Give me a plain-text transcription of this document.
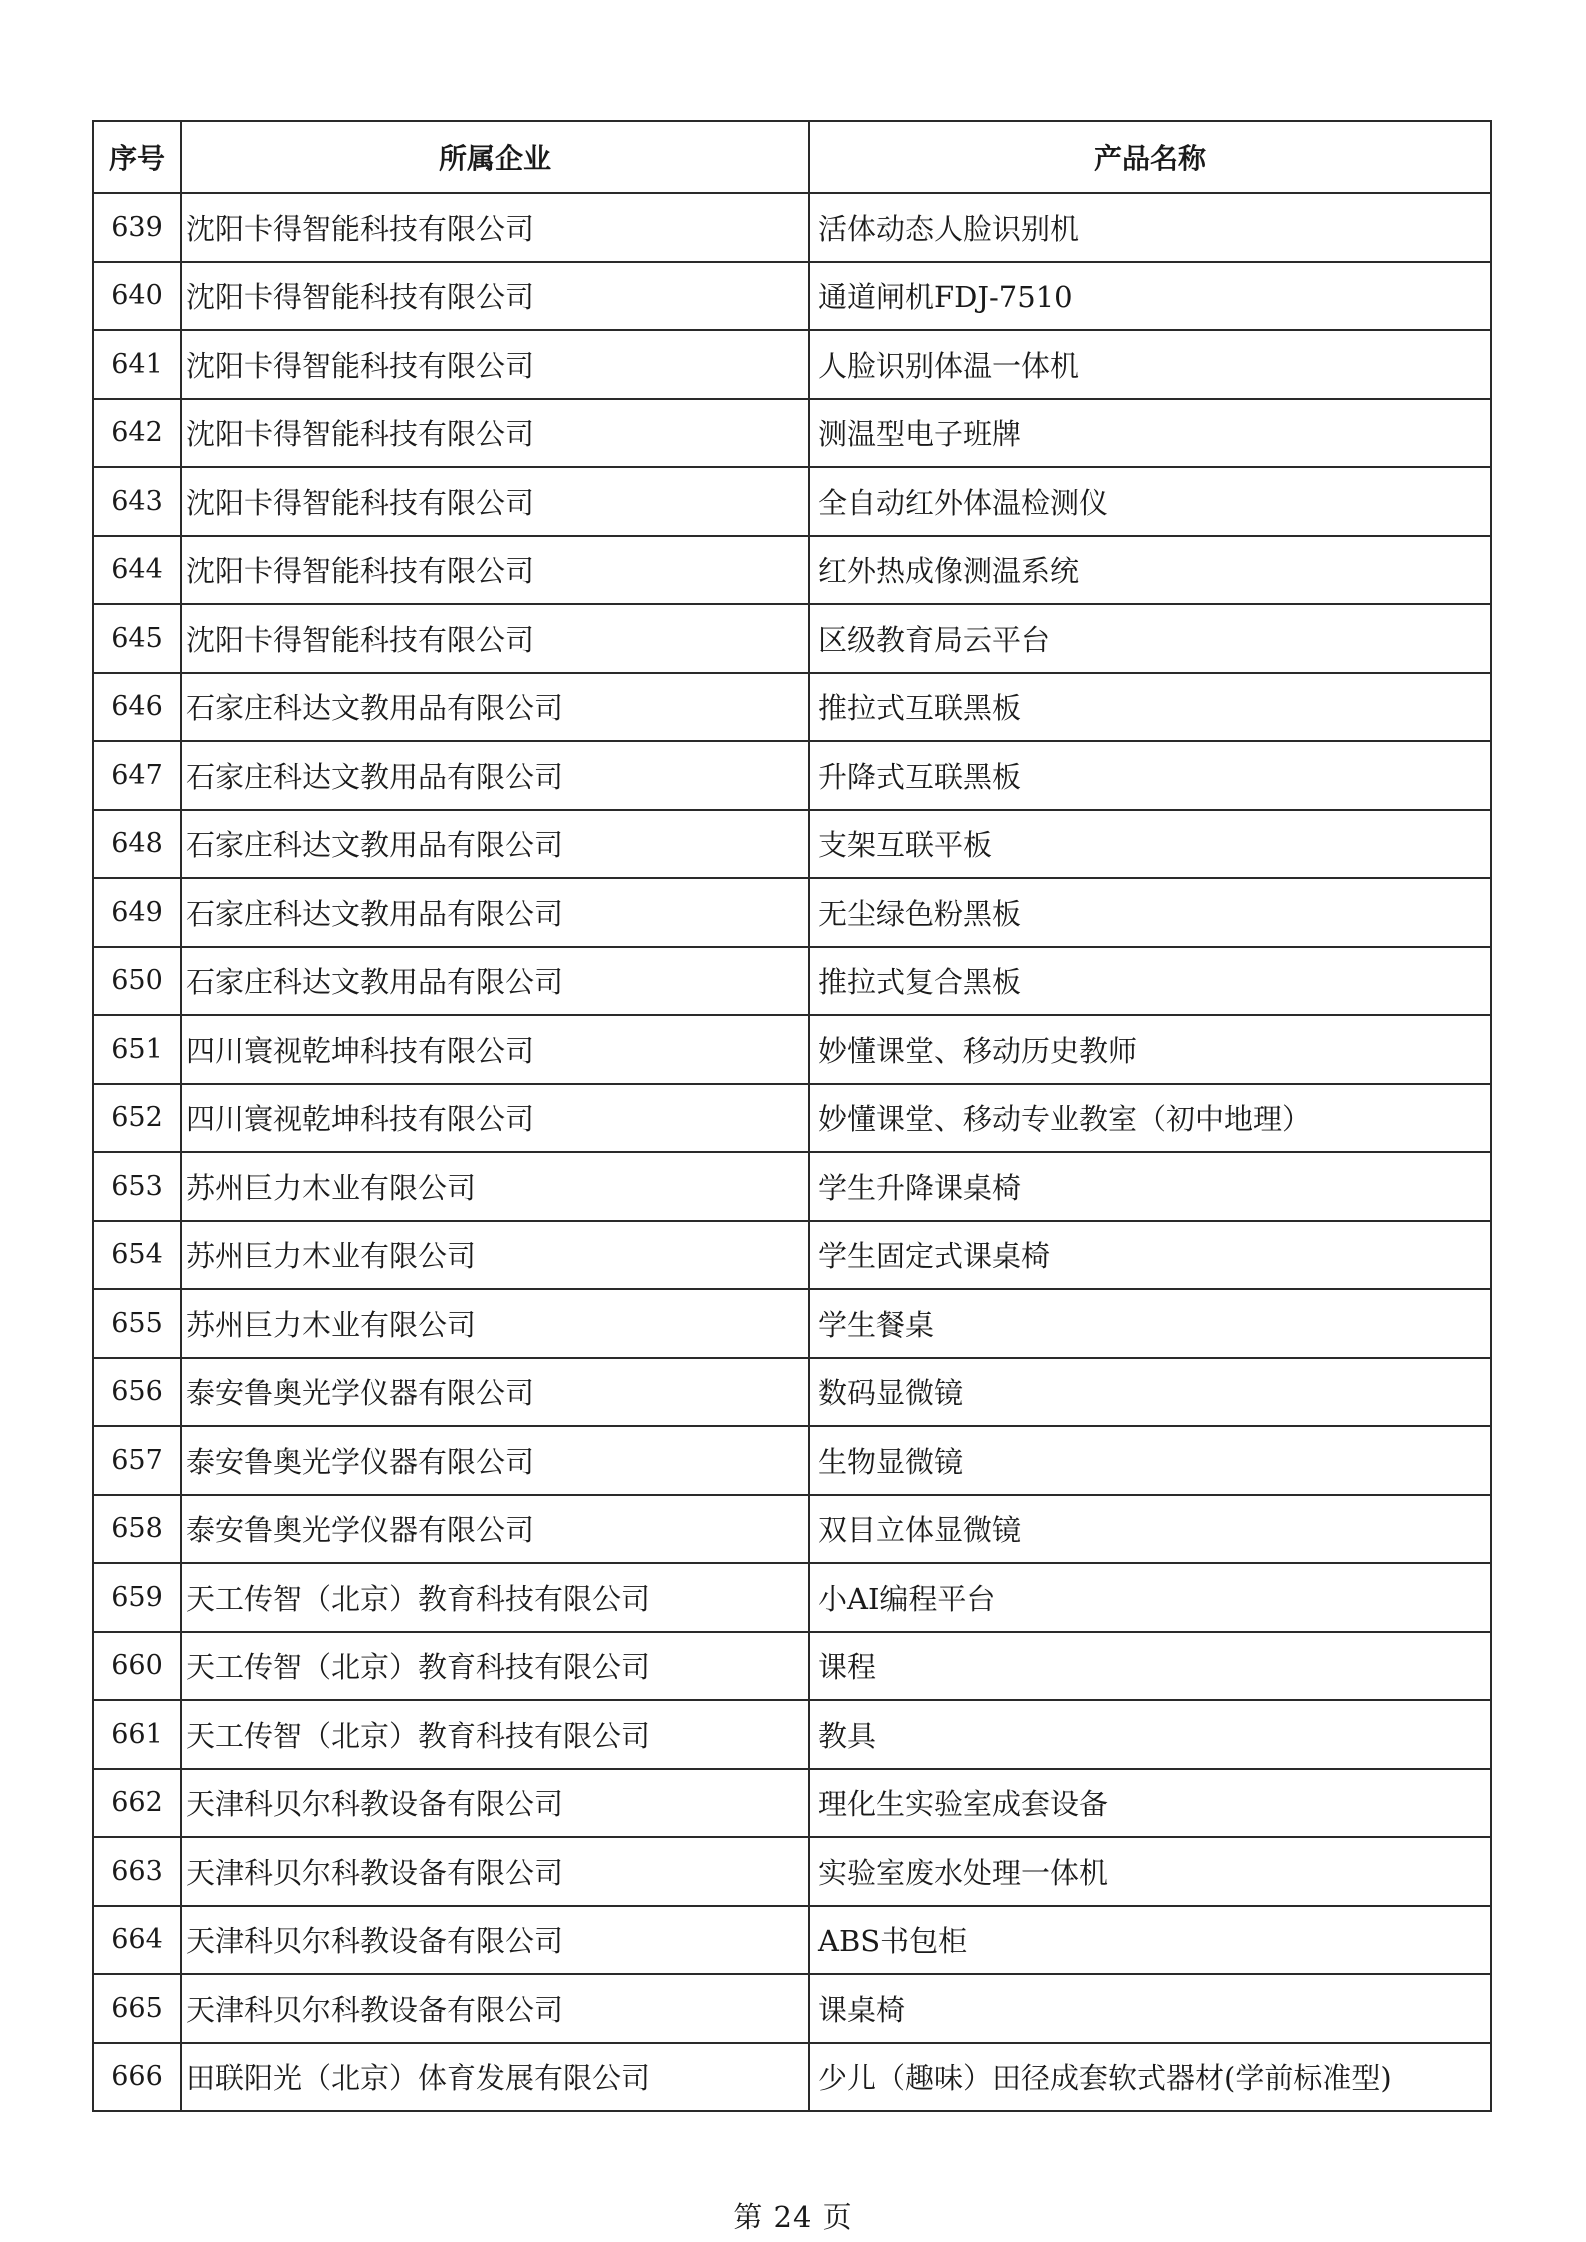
序号	所属企业	产品名称
639	沈阳卡得智能科技有限公司	活体动态人脸识别机
640	沈阳卡得智能科技有限公司	通道闸机FDJ-7510
641	沈阳卡得智能科技有限公司	人脸识别体温一体机
642	沈阳卡得智能科技有限公司	测温型电子班牌
643	沈阳卡得智能科技有限公司	全自动红外体温检测仪
644	沈阳卡得智能科技有限公司	红外热成像测温系统
645	沈阳卡得智能科技有限公司	区级教育局云平台
646	石家庄科达文教用品有限公司	推拉式互联黑板
647	石家庄科达文教用品有限公司	升降式互联黑板
648	石家庄科达文教用品有限公司	支架互联平板
649	石家庄科达文教用品有限公司	无尘绿色粉黑板
650	石家庄科达文教用品有限公司	推拉式复合黑板
651	四川寰视乾坤科技有限公司	妙懂课堂、移动历史教师
652	四川寰视乾坤科技有限公司	妙懂课堂、移动专业教室（初中地理）
653	苏州巨力木业有限公司	学生升降课桌椅
654	苏州巨力木业有限公司	学生固定式课桌椅
655	苏州巨力木业有限公司	学生餐桌
656	泰安鲁奥光学仪器有限公司	数码显微镜
657	泰安鲁奥光学仪器有限公司	生物显微镜
658	泰安鲁奥光学仪器有限公司	双目立体显微镜
659	天工传智（北京）教育科技有限公司	小AI编程平台
660	天工传智（北京）教育科技有限公司	课程
661	天工传智（北京）教育科技有限公司	教具
662	天津科贝尔科教设备有限公司	理化生实验室成套设备
663	天津科贝尔科教设备有限公司	实验室废水处理一体机
664	天津科贝尔科教设备有限公司	ABS书包柜
665	天津科贝尔科教设备有限公司	课桌椅
666	田联阳光（北京）体育发展有限公司	少儿（趣味）田径成套软式器材(学前标准型)
第 24 页
